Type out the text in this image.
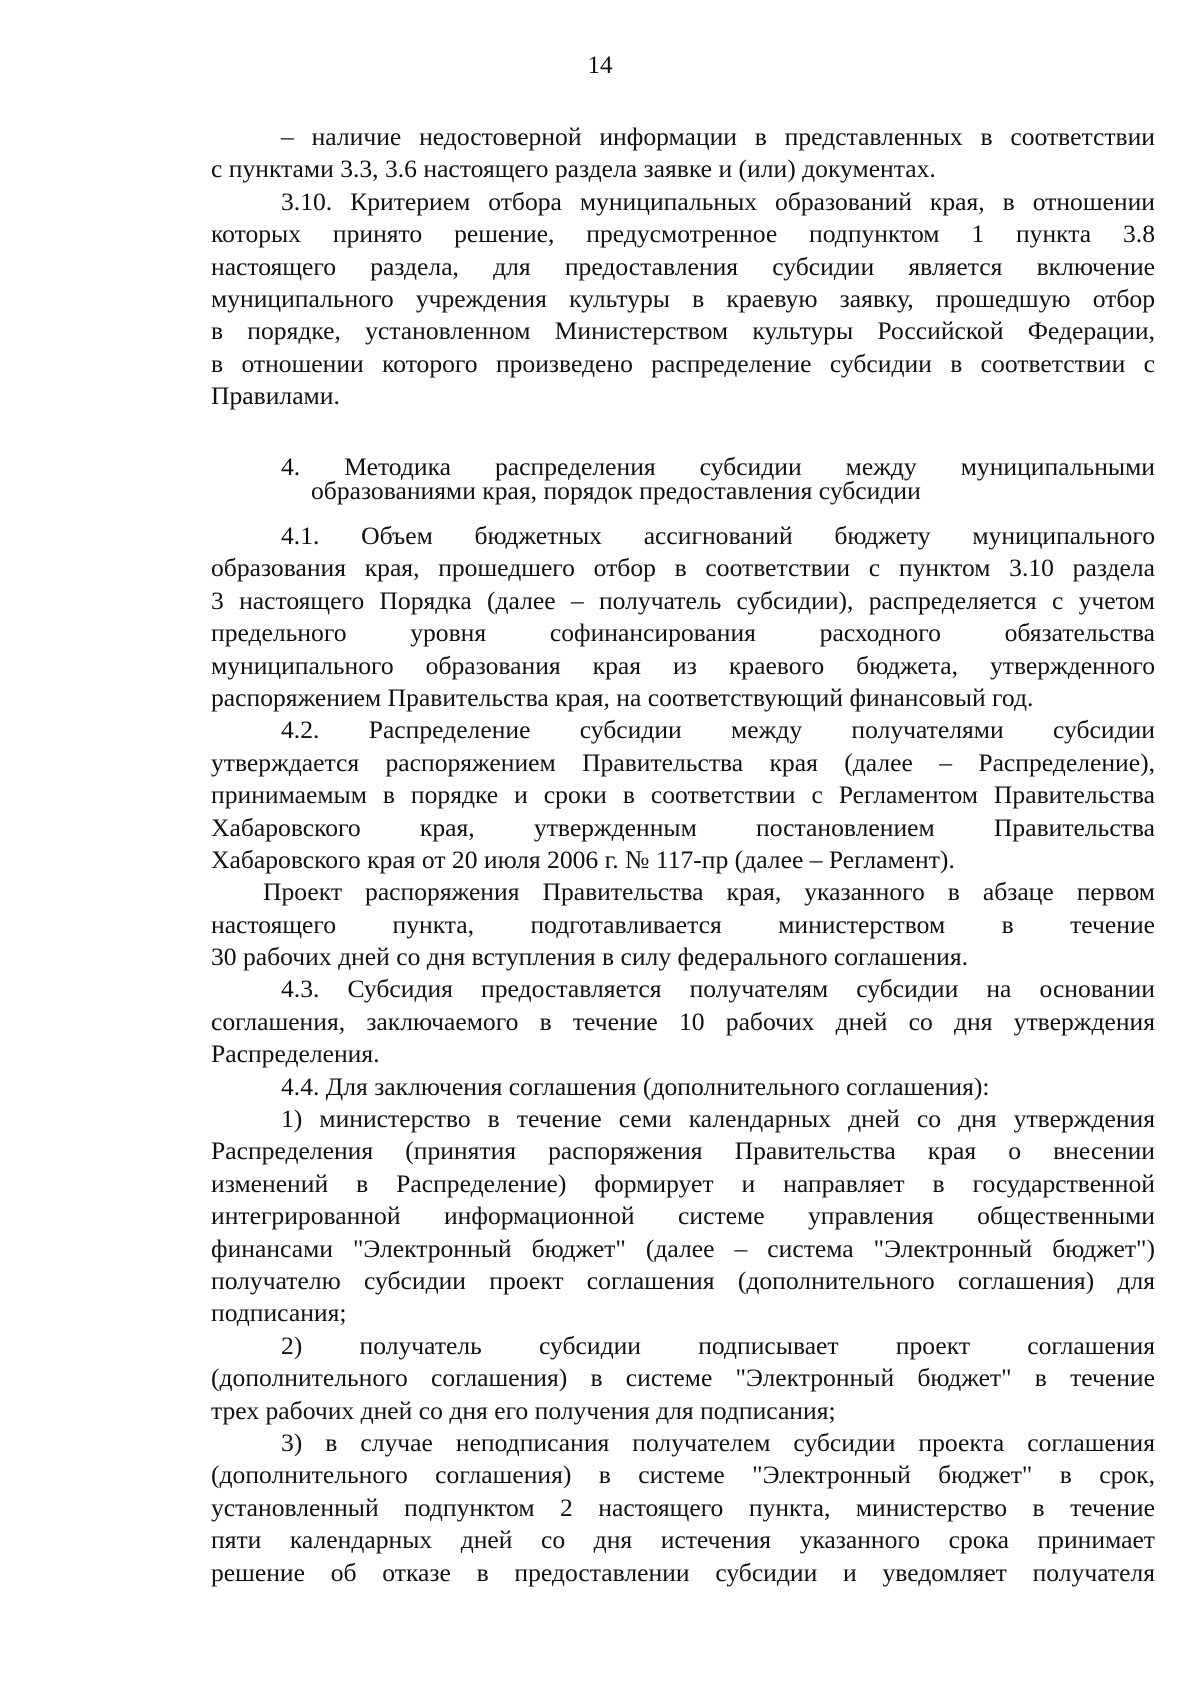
14
– наличие недостоверной информации в представленных в соответствии
с пунктами 3.3, 3.6 настоящего раздела заявке и (или) документах.
3.10. Критерием отбора муниципальных образований края, в отношении
которых принято решение, предусмотренное подпунктом 1 пункта 3.8
настоящего раздела, для предоставления субсидии является включение
муниципального учреждения культуры в краевую заявку, прошедшую отбор
в порядке, установленном Министерством культуры Российской Федерации,
в отношении которого произведено распределение субсидии в соответствии с
Правилами.
4. Методика распределения субсидии между муниципальными
образованиями края, порядок предоставления субсидии
4.1. Объем бюджетных ассигнований бюджету муниципального
образования края, прошедшего отбор в соответствии с пунктом 3.10 раздела
3 настоящего Порядка (далее – получатель субсидии), распределяется с учетом
предельного уровня софинансирования расходного обязательства
муниципального образования края из краевого бюджета, утвержденного
распоряжением Правительства края, на соответствующий финансовый год.
4.2. Распределение субсидии между получателями субсидии
утверждается распоряжением Правительства края (далее – Распределение),
принимаемым в порядке и сроки в соответствии с Регламентом Правительства
Хабаровского края, утвержденным постановлением Правительства
Хабаровского края от 20 июля 2006 г. № 117-пр (далее – Регламент).
Проект распоряжения Правительства края, указанного в абзаце первом
настоящего пункта, подготавливается министерством в течение
30 рабочих дней со дня вступления в силу федерального соглашения.
4.3. Субсидия предоставляется получателям субсидии на основании
соглашения, заключаемого в течение 10 рабочих дней со дня утверждения
Распределения.
4.4. Для заключения соглашения (дополнительного соглашения):
1) министерство в течение семи календарных дней со дня утверждения
Распределения (принятия распоряжения Правительства края о внесении
изменений в Распределение) формирует и направляет в государственной
интегрированной информационной системе управления общественными
финансами "Электронный бюджет" (далее – система "Электронный бюджет")
получателю субсидии проект соглашения (дополнительного соглашения) для
подписания;
2) получатель субсидии подписывает проект соглашения
(дополнительного соглашения) в системе "Электронный бюджет" в течение
трех рабочих дней со дня его получения для подписания;
3) в случае неподписания получателем субсидии проекта соглашения
(дополнительного соглашения) в системе "Электронный бюджет" в срок,
установленный подпунктом 2 настоящего пункта, министерство в течение
пяти календарных дней со дня истечения указанного срока принимает
решение об отказе в предоставлении субсидии и уведомляет получателя
